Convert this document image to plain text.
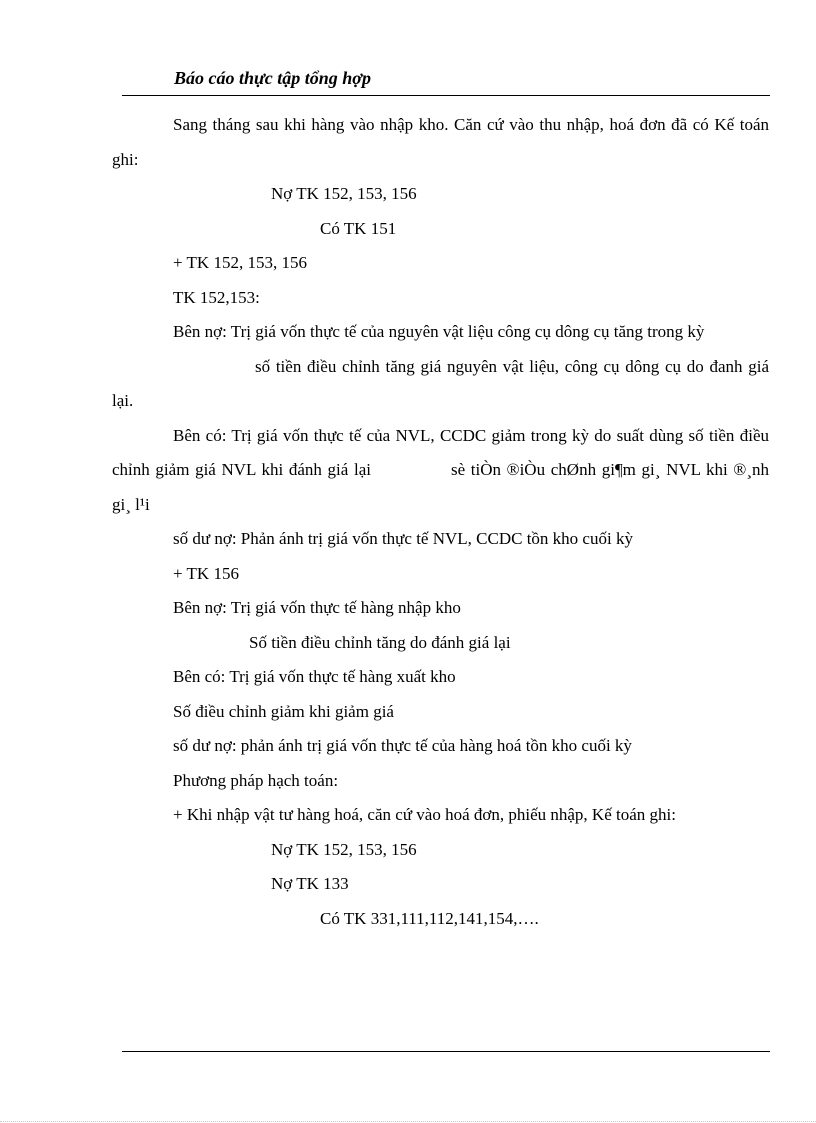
Báo cáo thực tập tổng hợp

Sang tháng sau khi hàng vào nhập kho. Căn cứ vào thu nhập, hoá đơn đã có Kế toán ghi:

Nợ TK 152, 153, 156

Có TK 151

+ TK 152, 153, 156

TK 152,153:

Bên nợ: Trị giá vốn thực tế của nguyên vật liệu công cụ dông cụ tăng trong kỳ

số tiền điều chỉnh tăng giá nguyên vật liệu, công cụ dông cụ do đanh giá lại.

Bên có: Trị giá vốn thực tế của NVL, CCDC giảm trong kỳ do suất dùng số tiền điều chỉnh giảm giá NVL khi đánh giá lại	sè tiÒn ®iÒu chØnh gi¶m gi¸ NVL khi ®¸nh gi¸ l¹i

số dư nợ: Phản ánh trị giá vốn thực tế NVL, CCDC tồn kho cuối kỳ

+ TK 156

Bên nợ: Trị giá vốn thực tế hàng nhập kho

Số tiền điều chỉnh tăng do đánh giá lại

Bên có: Trị giá vốn thực tế hàng xuất kho

Số điều chỉnh giảm khi giảm giá

số dư nợ: phản ánh trị giá vốn thực tế của hàng hoá tồn kho cuối kỳ

Phương pháp hạch toán:

+ Khi nhập vật tư hàng hoá, căn cứ vào hoá đơn, phiếu nhập, Kế toán ghi:

Nợ TK 152, 153, 156

Nợ TK 133

Có TK 331,111,112,141,154,….
